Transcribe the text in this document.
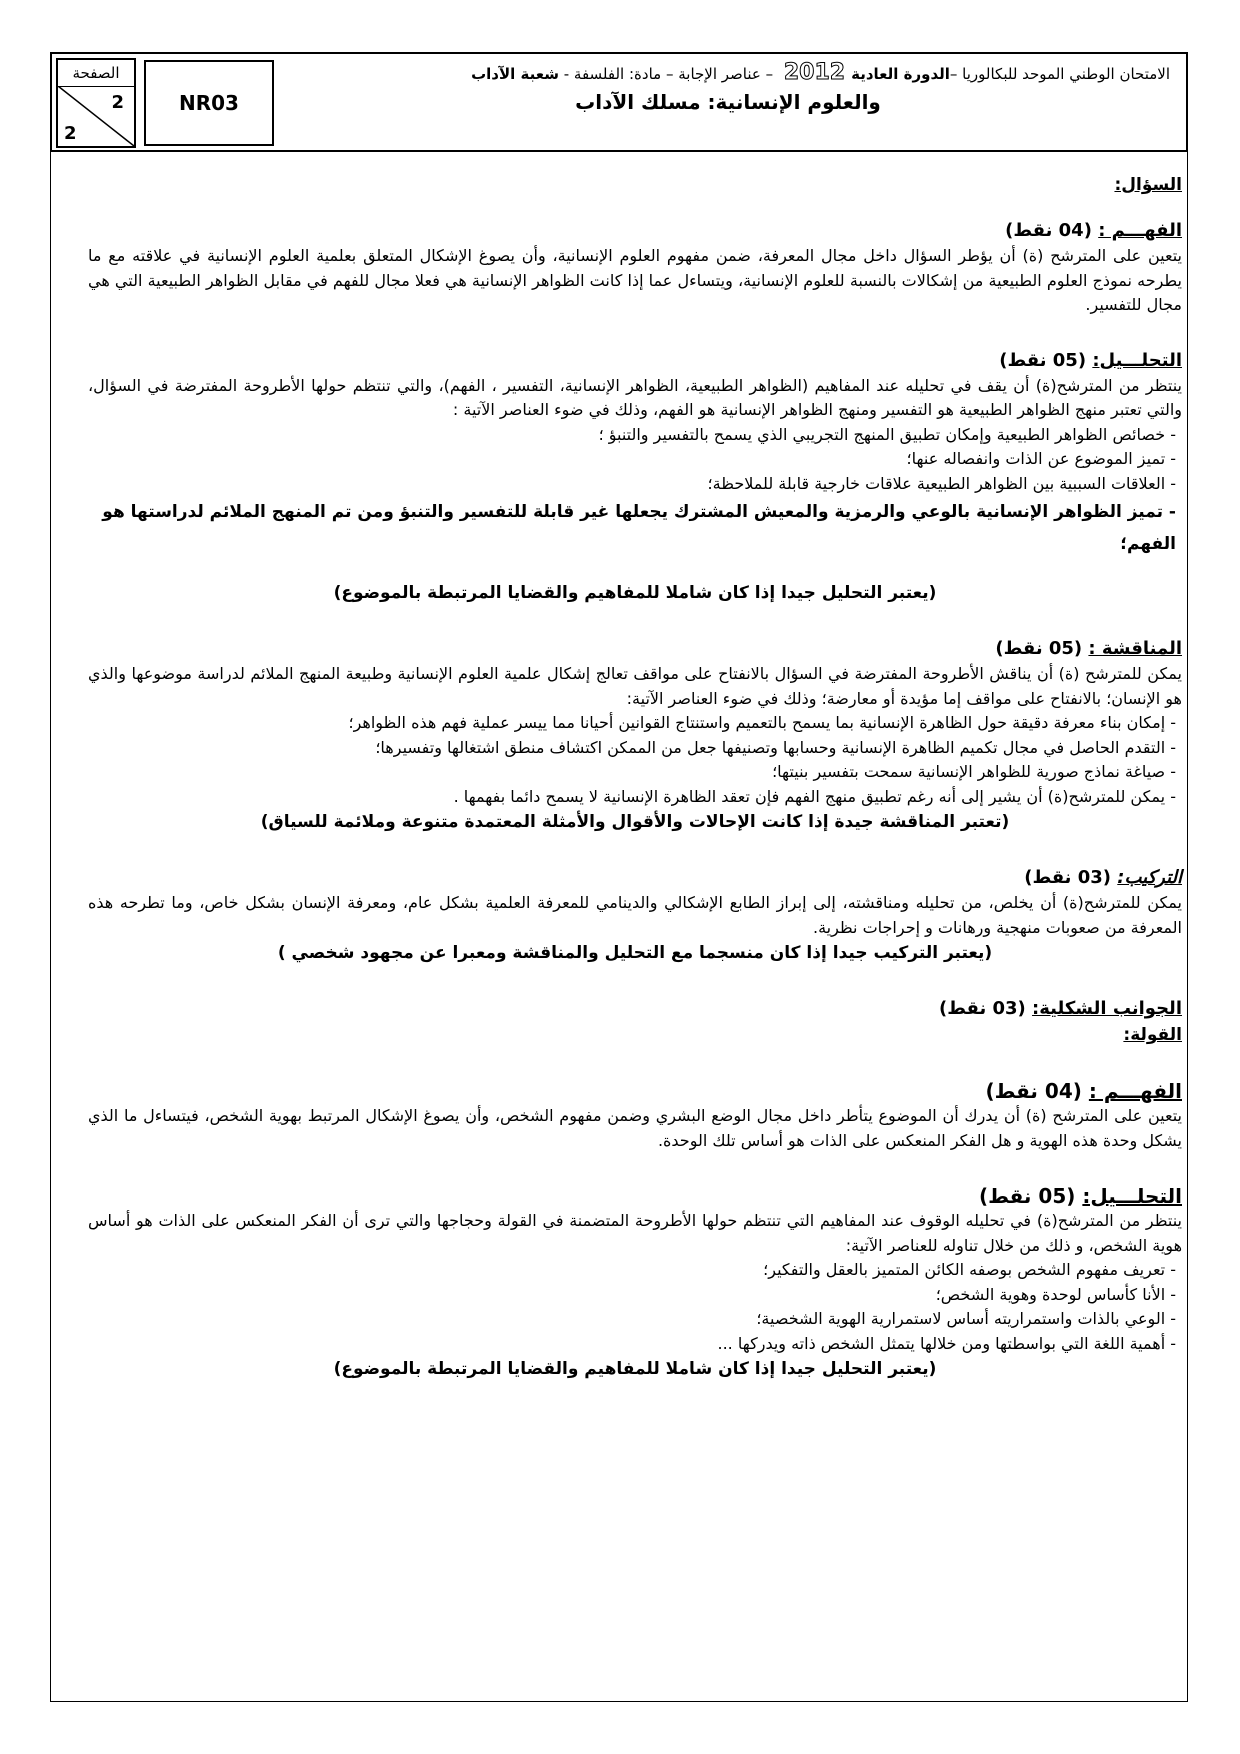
الصفحة
2
2
NR03
الامتحان الوطني الموحد للبكالوريا –الدورة العادية2012 – عناصر الإجابة – مادة: الفلسفة - شعبة الآداب
والعلوم الإنسانية: مسلك الآداب
السؤال:
الفهـــم : (04 نقط)

يتعين على المترشح (ة) أن يؤطر السؤال داخل مجال المعرفة، ضمن مفهوم العلوم الإنسانية، وأن يصوغ الإشكال المتعلق بعلمية العلوم الإنسانية في علاقته مع ما يطرحه نموذج العلوم الطبيعية من إشكالات بالنسبة للعلوم الإنسانية، ويتساءل عما إذا كانت الظواهر الإنسانية هي فعلا مجال للفهم في مقابل الظواهر الطبيعية التي هي مجال للتفسير.

التحلـــيل: (05 نقط)

ينتظر من المترشح(ة) أن يقف في تحليله عند المفاهيم (الظواهر الطبيعية، الظواهر الإنسانية، التفسير ، الفهم)، والتي تنتظم حولها الأطروحة المفترضة في السؤال، والتي تعتبر منهج الظواهر الطبيعية هو التفسير ومنهج الظواهر الإنسانية هو الفهم، وذلك في ضوء العناصر الآتية :

- خصائص الظواهر الطبيعية وإمكان تطبيق المنهج التجريبي الذي يسمح بالتفسير والتنبؤ ؛
- تميز الموضوع عن الذات وانفصاله عنها؛
- العلاقات السببية بين الظواهر الطبيعية علاقات خارجية قابلة للملاحظة؛
- تميز الظواهر الإنسانية بالوعي والرمزية والمعيش المشترك يجعلها غير قابلة للتفسير والتنبؤ ومن تم المنهج الملائم لدراستها هو الفهم؛
(يعتبر التحليل جيدا إذا كان شاملا للمفاهيم والقضايا المرتبطة بالموضوع)
المناقشة : (05 نقط)

يمكن للمترشح (ة) أن يناقش الأطروحة المفترضة في السؤال بالانفتاح على مواقف تعالج إشكال علمية العلوم الإنسانية وطبيعة المنهج الملائم لدراسة موضوعها والذي هو الإنسان؛ بالانفتاح على مواقف إما مؤيدة أو معارضة؛ وذلك في ضوء العناصر الآتية:

- إمكان بناء معرفة دقيقة حول الظاهرة الإنسانية بما يسمح بالتعميم واستنتاج القوانين أحيانا مما ييسر عملية فهم هذه الظواهر؛
- التقدم الحاصل في مجال تكميم الظاهرة الإنسانية وحسابها وتصنيفها جعل من الممكن اكتشاف منطق اشتغالها وتفسيرها؛
- صياغة نماذج صورية للظواهر الإنسانية سمحت بتفسير بنيتها؛
- يمكن للمترشح(ة) أن يشير إلى أنه رغم تطبيق منهج الفهم فإن تعقد الظاهرة الإنسانية لا يسمح دائما بفهمها .
(تعتبر المناقشة جيدة إذا كانت الإحالات والأقوال والأمثلة المعتمدة متنوعة وملائمة للسياق)
التركيب: (03 نقط)

يمكن للمترشح(ة) أن يخلص، من تحليله ومناقشته، إلى إبراز الطابع الإشكالي والدينامي للمعرفة العلمية بشكل عام، ومعرفة الإنسان بشكل خاص، وما تطرحه هذه المعرفة من صعوبات منهجية ورهانات و إحراجات نظرية.

(يعتبر التركيب جيدا إذا كان منسجما مع التحليل والمناقشة ومعبرا عن مجهود شخصي )
الجوانب الشكلية: (03 نقط)
القولة:
الفهـــم : (04 نقط)

يتعين على المترشح (ة) أن يدرك أن الموضوع يتأطر داخل مجال الوضع البشري وضمن مفهوم الشخص، وأن يصوغ الإشكال المرتبط بهوية الشخص، فيتساءل ما الذي يشكل وحدة هذه الهوية و هل الفكر المنعكس على الذات هو أساس تلك الوحدة.

التحلـــيل: (05 نقط)

ينتظر من المترشح(ة) في تحليله الوقوف عند المفاهيم التي تنتظم حولها الأطروحة المتضمنة في القولة وحجاجها والتي ترى أن الفكر المنعكس على الذات هو أساس هوية الشخص، و ذلك من خلال تناوله للعناصر الآتية:

- تعريف مفهوم الشخص بوصفه الكائن المتميز بالعقل والتفكير؛
- الأنا كأساس لوحدة وهوية الشخص؛
- الوعي بالذات واستمراريته أساس لاستمرارية الهوية الشخصية؛
- أهمية اللغة التي بواسطتها ومن خلالها يتمثل الشخص ذاته ويدركها ...
(يعتبر التحليل جيدا إذا كان شاملا للمفاهيم والقضايا المرتبطة بالموضوع)
